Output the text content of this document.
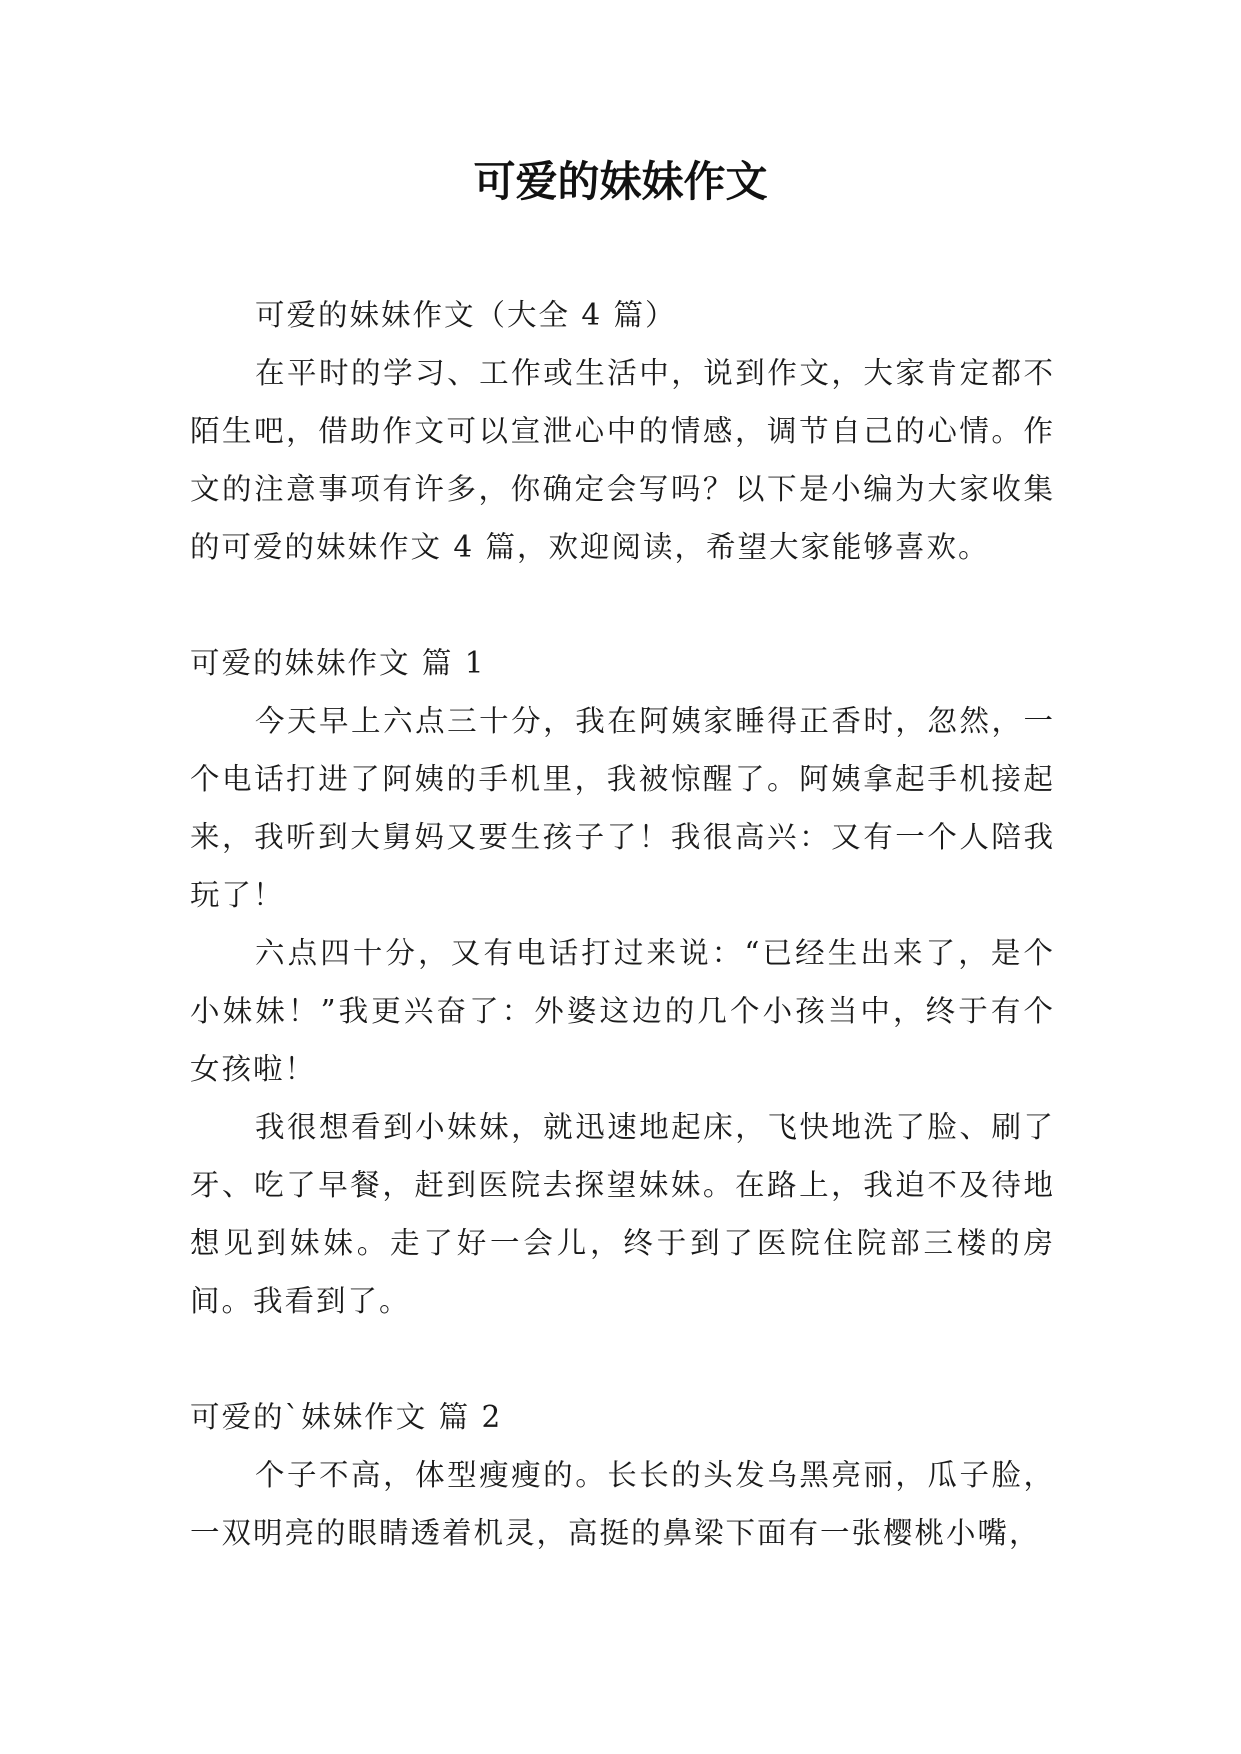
可爱的妹妹作文

可爱的妹妹作文（大全 4 篇）

在平时的学习、工作或生活中，说到作文，大家肯定都不陌生吧，借助作文可以宣泄心中的情感，调节自己的心情。作文的注意事项有许多，你确定会写吗？以下是小编为大家收集的可爱的妹妹作文 4 篇，欢迎阅读，希望大家能够喜欢。

可爱的妹妹作文 篇 1

今天早上六点三十分，我在阿姨家睡得正香时，忽然，一个电话打进了阿姨的手机里，我被惊醒了。阿姨拿起手机接起来，我听到大舅妈又要生孩子了！我很高兴：又有一个人陪我玩了！

六点四十分，又有电话打过来说：“已经生出来了，是个小妹妹！”我更兴奋了：外婆这边的几个小孩当中，终于有个女孩啦！

我很想看到小妹妹，就迅速地起床，飞快地洗了脸、刷了牙、吃了早餐，赶到医院去探望妹妹。在路上，我迫不及待地想见到妹妹。走了好一会儿，终于到了医院住院部三楼的房间。我看到了。

可爱的`妹妹作文 篇 2

个子不高，体型瘦瘦的。长长的头发乌黑亮丽，瓜子脸，一双明亮的眼睛透着机灵，高挺的鼻梁下面有一张樱桃小嘴，
